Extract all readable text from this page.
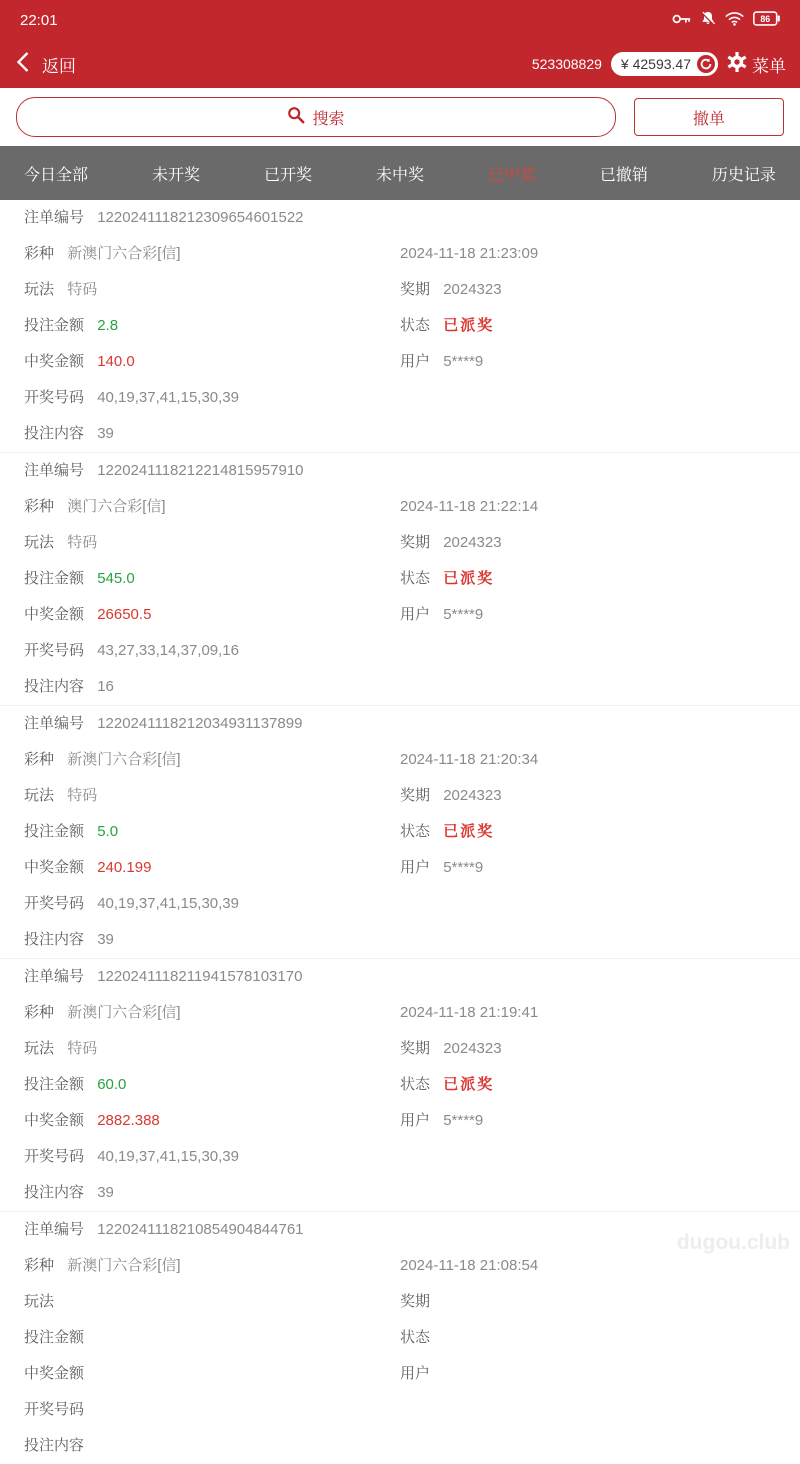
22:01	86
返回	523308829 ¥ 42593.47	菜单
搜索	撤单
今日全部	未开奖	已开奖	未中奖	已中奖	已撤销	历史记录
注单编号 1220241118212309654601522
彩种 新澳门六合彩[信]	2024-11-18 21:23:09
玩法 特码	奖期 2024323
投注金额 2.8	状态 已派奖
中奖金额 140.0	用户 5****9
开奖号码 40,19,37,41,15,30,39
投注内容 39
注单编号 1220241118212214815957910
彩种 澳门六合彩[信]	2024-11-18 21:22:14
玩法 特码	奖期 2024323
投注金额 545.0	状态 已派奖
中奖金额 26650.5	用户 5****9
开奖号码 43,27,33,14,37,09,16
投注内容 16
注单编号 1220241118212034931137899
彩种 新澳门六合彩[信]	2024-11-18 21:20:34
玩法 特码	奖期 2024323
投注金额 5.0	状态 已派奖
中奖金额 240.199	用户 5****9
开奖号码 40,19,37,41,15,30,39
投注内容 39
注单编号 1220241118211941578103170
彩种 新澳门六合彩[信]	2024-11-18 21:19:41
玩法 特码	奖期 2024323
投注金额 60.0	状态 已派奖
中奖金额 2882.388	用户 5****9
开奖号码 40,19,37,41,15,30,39
投注内容 39
注单编号 1220241118210854904844761
彩种 新澳门六合彩[信]	2024-11-18 21:08:54
玩法	奖期
投注金额	状态
中奖金额	用户
开奖号码
投注内容
dugou.club
